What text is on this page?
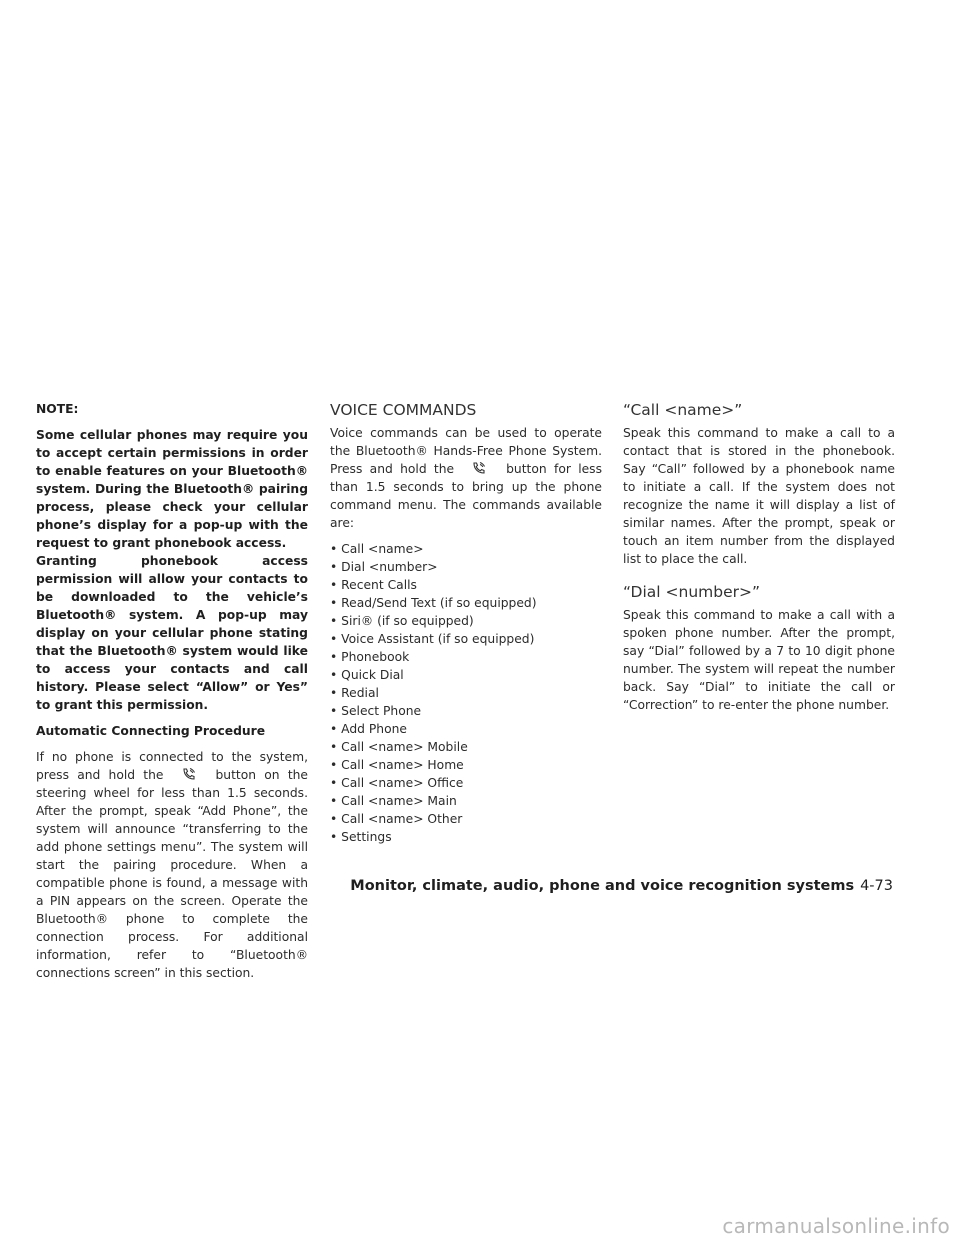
NOTE:

Some cellular phones may require you to accept certain permissions in order to enable features on your Bluetooth® system. During the Bluetooth® pairing process, please check your cellular phone’s display for a pop-up with the request to grant phonebook access.

Granting phonebook access permission will allow your contacts to be downloaded to the vehicle’s Bluetooth® system. A pop-up may display on your cellular phone stating that the Bluetooth® system would like to access your contacts and call history. Please select “Allow” or Yes” to grant this permission.

Automatic Connecting Procedure

If no phone is connected to the system, press and hold the	button on the steering wheel for less than 1.5 seconds. After the prompt, speak “Add Phone”, the system will announce “transferring to the add phone settings menu”. The system will start the pairing procedure. When a compatible phone is found, a message with a PIN appears on the screen. Operate the Bluetooth® phone to complete the connection process. For additional information, refer to “Bluetooth® connections screen” in this section.

VOICE COMMANDS

Voice commands can be used to operate the Bluetooth® Hands-Free Phone System. Press and hold the	button for less than 1.5 seconds to bring up the phone command menu. The commands available are:

• Call <name>
• Dial <number>
• Recent Calls
• Read/Send Text (if so equipped)
• Siri® (if so equipped)
• Voice Assistant (if so equipped)
• Phonebook
• Quick Dial
• Redial
• Select Phone
• Add Phone
• Call <name> Mobile
• Call <name> Home
• Call <name> Office
• Call <name> Main
• Call <name> Other
• Settings
“Call <name>”

Speak this command to make a call to a contact that is stored in the phonebook. Say “Call” followed by a phonebook name to initiate a call. If the system does not recognize the name it will display a list of similar names. After the prompt, speak or touch an item number from the displayed list to place the call.

“Dial <number>”

Speak this command to make a call with a spoken phone number. After the prompt, say “Dial” followed by a 7 to 10 digit phone number. The system will repeat the number back. Say “Dial” to initiate the call or “Correction” to re-enter the phone number.

Monitor, climate, audio, phone and voice recognition systems 4-73
carmanualsonline.info
